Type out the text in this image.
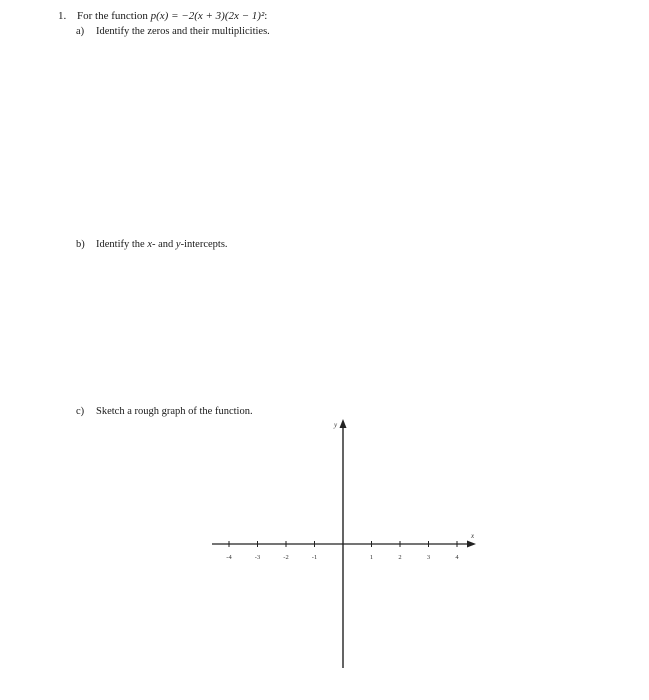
1. For the function p(x) = −2(x + 3)(2x − 1)²:
a) Identify the zeros and their multiplicities.
b) Identify the x- and y-intercepts.
c) Sketch a rough graph of the function.
x
y
-4	-3	-2	-1	1	2	3	4
